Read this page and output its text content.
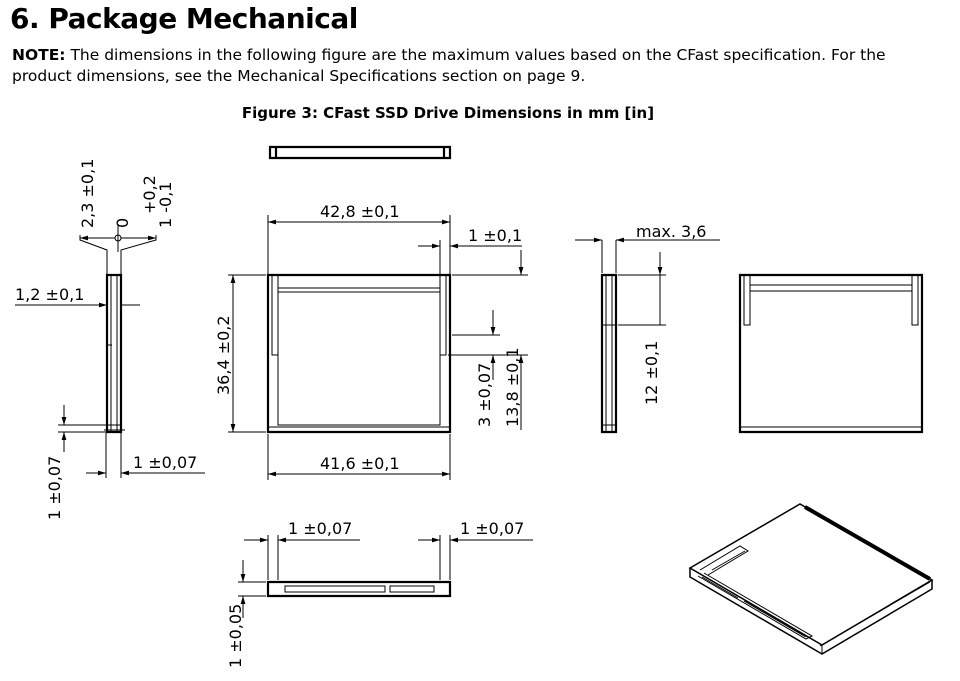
6. Package Mechanical

NOTE: The dimensions in the following figure are the maximum values based on the CFast specification. For the product dimensions, see the Mechanical Specifications section on page 9.

Figure 3: CFast SSD Drive Dimensions in mm [in]

2,3 ±0,1 0
+0,2
1 -0,1
1,2 ±0,1
1 ±0,07	1 ±0,07
42,8 ±0,1
1 ±0,1
36,4 ±0,2	3 ±0,07 13,8 ±0,1
41,6 ±0,1
max. 3,6
12 ±0,1
1 ±0,07	1 ±0,07
1 ±0,05
